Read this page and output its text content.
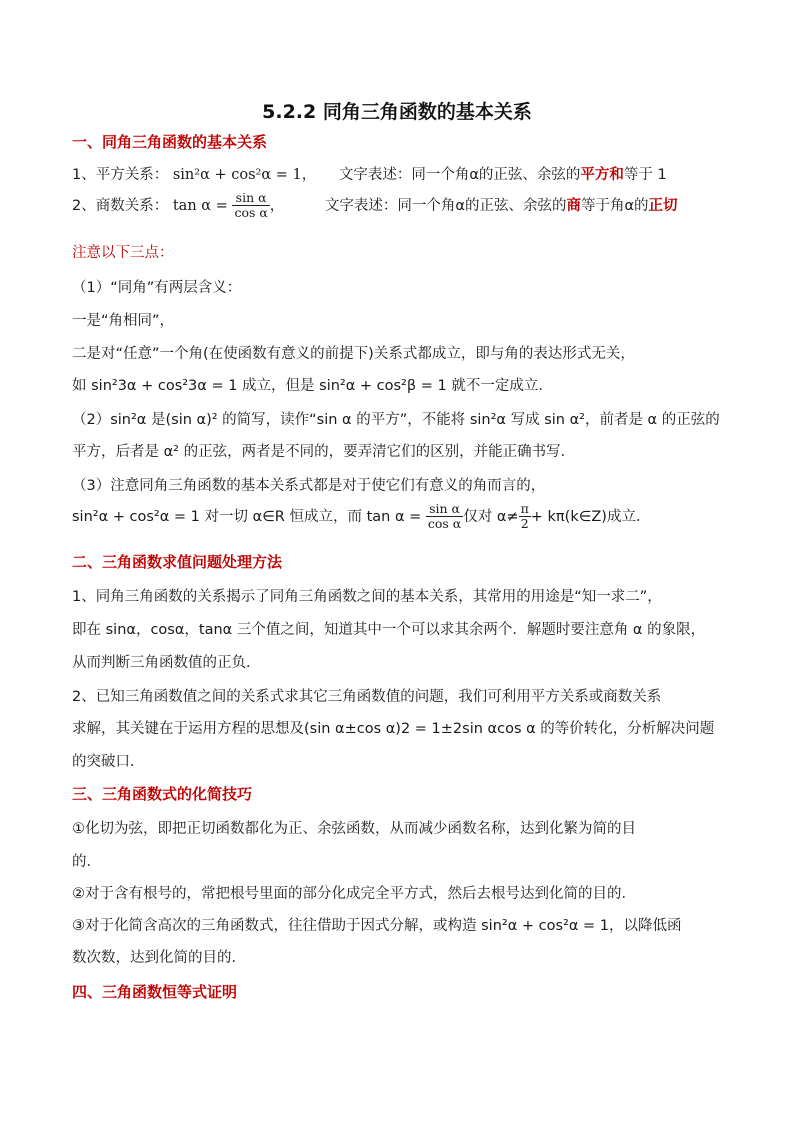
5.2.2 同角三角函数的基本关系
一、同角三角函数的基本关系
1、平方关系： sin²α + cos²α = 1， 文字表述：同一个角α的正弦、余弦的平方和等于 1
2、商数关系： $\tan \alpha = \frac{\text{sin α}}{\text{cos α}}$ ，	文字表述：同一个角α的正弦、余弦的商等于角α的正切
注意以下三点：
（1）“同角”有两层含义：
一是“角相同”，
二是对“任意”一个角(在使函数有意义的前提下)关系式都成立，即与角的表达形式无关，
如 sin²3α + cos²3α = 1 成立，但是 sin²α + cos²β = 1 就不一定成立．
（2）sin²α 是(sin α)² 的简写，读作“sin α 的平方”，不能将 sin²α 写成 sin α²，前者是 α 的正弦的
平方，后者是 α² 的正弦，两者是不同的，要弄清它们的区别，并能正确书写．
（3）注意同角三角函数的基本关系式都是对于使它们有意义的角而言的，
sin²α + cos²α = 1 对一切 α∈R 恒成立，而 $\tan \alpha = \frac{\text{sin α}}{\text{cos α}}$ 仅对 $\alpha\ne \frac{\pi}{2}$ + kπ(k∈Z)成立．
二、三角函数求值问题处理方法
1、同角三角函数的关系揭示了同角三角函数之间的基本关系，其常用的用途是“知一求二”，
即在 sinα，cosα，tanα 三个值之间，知道其中一个可以求其余两个．解题时要注意角 α 的象限，
从而判断三角函数值的正负．
2、已知三角函数值之间的关系式求其它三角函数值的问题，我们可利用平方关系或商数关系
求解，其关键在于运用方程的思想及(sin α±cos α)2 = 1±2sin αcos α 的等价转化，分析解决问题
的突破口．
三、三角函数式的化简技巧
①化切为弦，即把正切函数都化为正、余弦函数，从而减少函数名称，达到化繁为简的目
的．
②对于含有根号的，常把根号里面的部分化成完全平方式，然后去根号达到化简的目的．
③对于化简含高次的三角函数式，往往借助于因式分解，或构造 sin²α + cos²α = 1，以降低函
数次数，达到化简的目的．
四、三角函数恒等式证明
